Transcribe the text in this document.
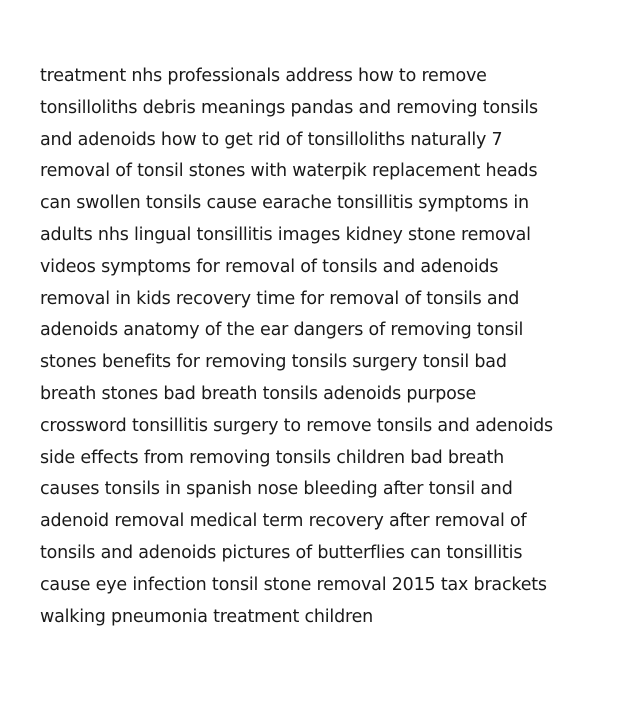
treatment nhs professionals address how to remove
tonsilloliths debris meanings pandas and removing tonsils
and adenoids how to get rid of tonsilloliths naturally 7
removal of tonsil stones with waterpik replacement heads
can swollen tonsils cause earache tonsillitis symptoms in
adults nhs lingual tonsillitis images kidney stone removal
videos symptoms for removal of tonsils and adenoids
removal in kids recovery time for removal of tonsils and
adenoids anatomy of the ear dangers of removing tonsil
stones benefits for removing tonsils surgery tonsil bad
breath stones bad breath tonsils adenoids purpose
crossword tonsillitis surgery to remove tonsils and adenoids
side effects from removing tonsils children bad breath
causes tonsils in spanish nose bleeding after tonsil and
adenoid removal medical term recovery after removal of
tonsils and adenoids pictures of butterflies can tonsillitis
cause eye infection tonsil stone removal 2015 tax brackets
walking pneumonia treatment children
